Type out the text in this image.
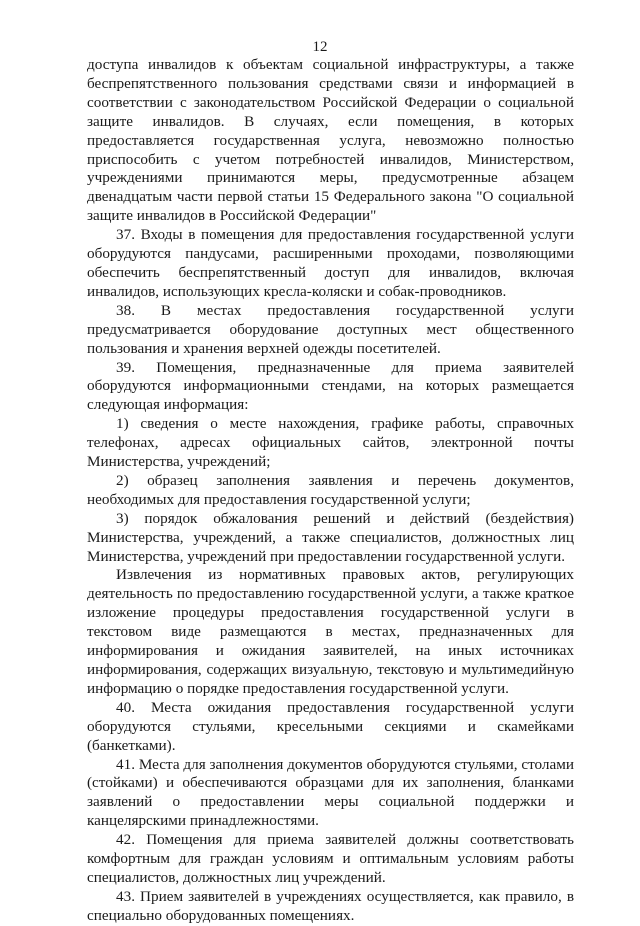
12

доступа инвалидов к объектам социальной инфраструктуры, а также беспрепятственного пользования средствами связи и информацией в соответствии с законодательством Российской Федерации о социальной защите инвалидов. В случаях, если помещения, в которых предоставляется государственная услуга, невозможно полностью приспособить с учетом потребностей инвалидов, Министерством, учреждениями принимаются меры, предусмотренные абзацем двенадцатым части первой статьи 15 Федерального закона "О социальной защите инвалидов в Российской Федерации"

37. Входы в помещения для предоставления государственной услуги оборудуются пандусами, расширенными проходами, позволяющими обеспечить беспрепятственный доступ для инвалидов, включая инвалидов, использующих кресла-коляски и собак-проводников.

38. В местах предоставления государственной услуги предусматривается оборудование доступных мест общественного пользования и хранения верхней одежды посетителей.

39. Помещения, предназначенные для приема заявителей оборудуются информационными стендами, на которых размещается следующая информация:

1) сведения о месте нахождения, графике работы, справочных телефонах, адресах официальных сайтов, электронной почты Министерства, учреждений;

2) образец заполнения заявления и перечень документов, необходимых для предоставления государственной услуги;

3) порядок обжалования решений и действий (бездействия) Министерства, учреждений, а также специалистов, должностных лиц Министерства, учреждений при предоставлении государственной услуги.

Извлечения из нормативных правовых актов, регулирующих деятельность по предоставлению государственной услуги, а также краткое изложение процедуры предоставления государственной услуги в текстовом виде размещаются в местах, предназначенных для информирования и ожидания заявителей, на иных источниках информирования, содержащих визуальную, текстовую и мультимедийную информацию о порядке предоставления государственной услуги.

40. Места ожидания предоставления государственной услуги оборудуются стульями, кресельными секциями и скамейками (банкетками).

41. Места для заполнения документов оборудуются стульями, столами (стойками) и обеспечиваются образцами для их заполнения, бланками заявлений о предоставлении меры социальной поддержки и канцелярскими принадлежностями.

42. Помещения для приема заявителей должны соответствовать комфортным для граждан условиям и оптимальным условиям работы специалистов, должностных лиц учреждений.

43. Прием заявителей в учреждениях осуществляется, как правило, в специально оборудованных помещениях.
